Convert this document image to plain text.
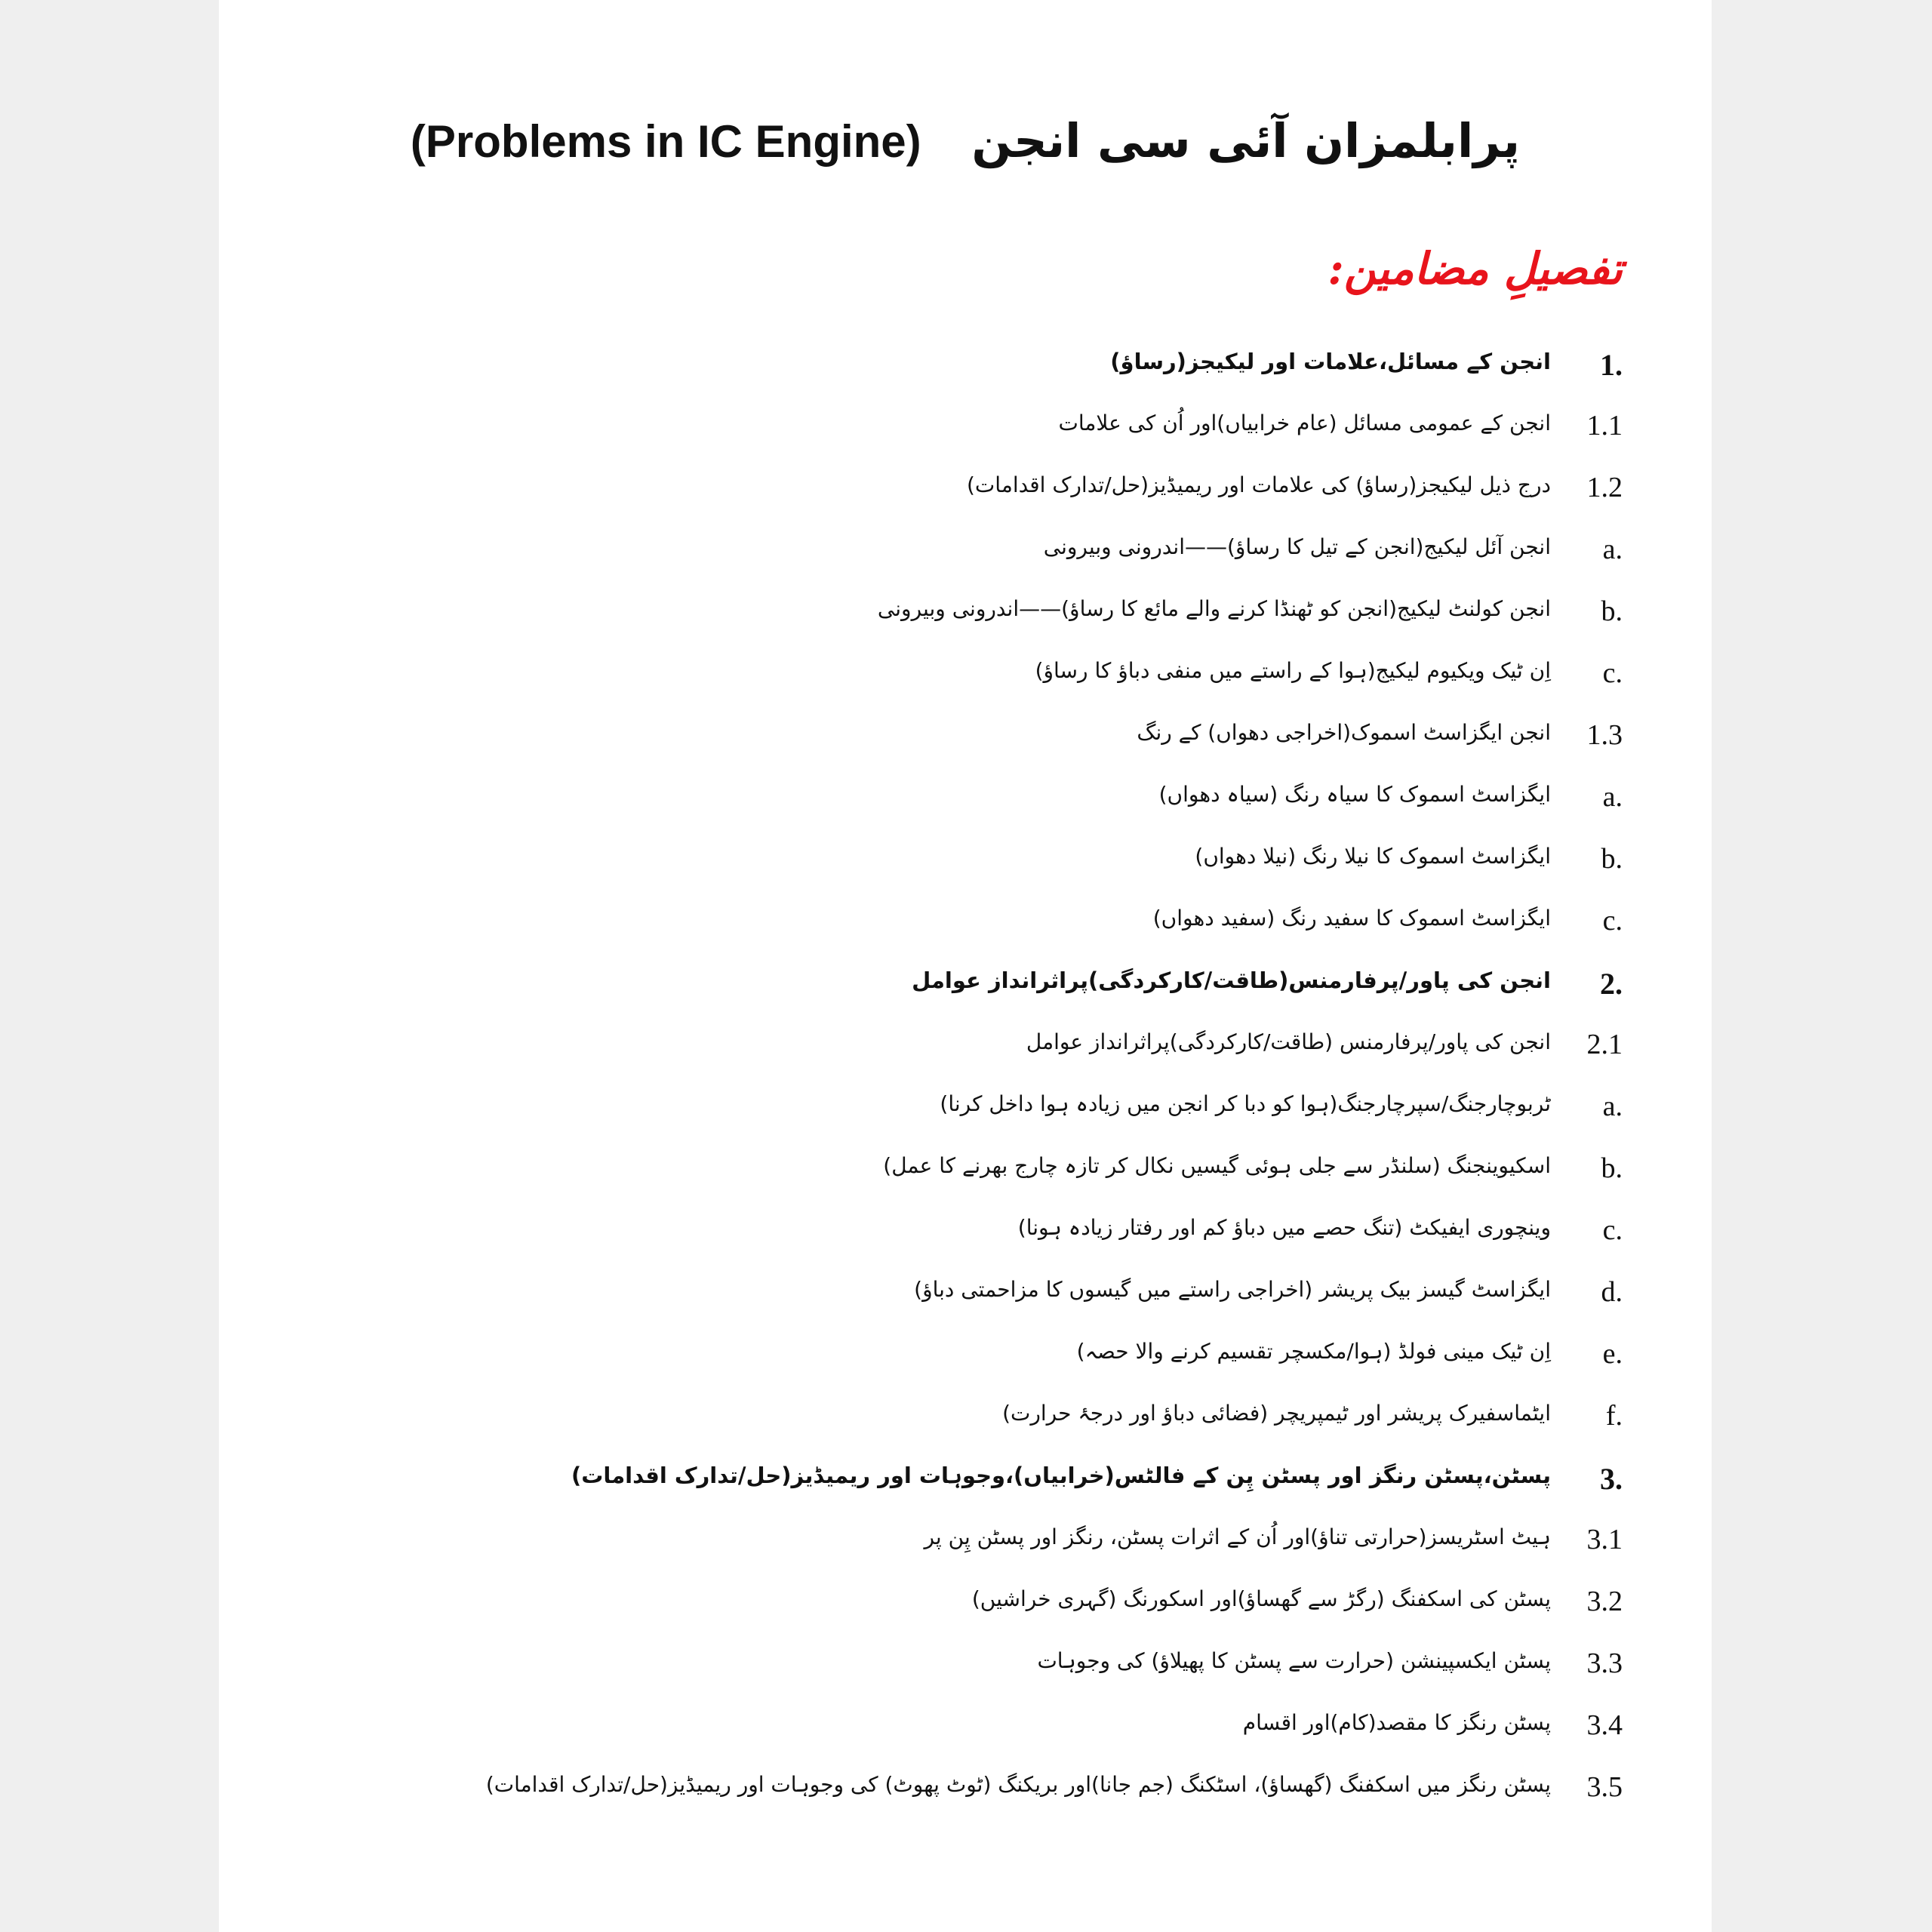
(Problems in IC Engine) پرابلمزان آئی سی انجن
تفصیلِ مضامین:
1.
انجن کے مسائل،علامات اور لیکیجز(رساؤ)
1.1
انجن کے عمومی مسائل (عام خرابیاں)اور اُن کی علامات
1.2
درج ذیل لیکیجز(رساؤ) کی علامات اور ریمیڈیز(حل/تدارک اقدامات)
a.
انجن آئل لیکیج(انجن کے تیل کا رساؤ)——اندرونی وبیرونی
b.
انجن کولنٹ لیکیج(انجن کو ٹھنڈا کرنے والے مائع کا رساؤ)——اندرونی وبیرونی
c.
اِن ٹیک ویکیوم لیکیج(ہوا کے راستے میں منفی دباؤ کا رساؤ)
1.3
انجن ایگزاسٹ اسموک(اخراجی دھواں) کے رنگ
a.
ایگزاسٹ اسموک کا سیاہ رنگ (سیاہ دھواں)
b.
ایگزاسٹ اسموک کا نیلا رنگ (نیلا دھواں)
c.
ایگزاسٹ اسموک کا سفید رنگ (سفید دھواں)
2.
انجن کی پاور/پرفارمنس(طاقت/کارکردگی)پراثرانداز عوامل
2.1
انجن کی پاور/پرفارمنس (طاقت/کارکردگی)پراثرانداز عوامل
a.
ٹربوچارجنگ/سپرچارجنگ(ہوا کو دبا کر انجن میں زیادہ ہوا داخل کرنا)
b.
اسکیوینجنگ (سلنڈر سے جلی ہوئی گیسیں نکال کر تازہ چارج بھرنے کا عمل)
c.
وینچوری ایفیکٹ (تنگ حصے میں دباؤ کم اور رفتار زیادہ ہونا)
d.
ایگزاسٹ گیسز بیک پریشر (اخراجی راستے میں گیسوں کا مزاحمتی دباؤ)
e.
اِن ٹیک مینی فولڈ (ہوا/مکسچر تقسیم کرنے والا حصہ)
f.
ایٹماسفیرک پریشر اور ٹیمپریچر (فضائی دباؤ اور درجۂ حرارت)
3.
پسٹن،پسٹن رنگز اور پسٹن پِن کے فالٹس(خرابیاں)،وجوہات اور ریمیڈیز(حل/تدارک اقدامات)
3.1
ہیٹ اسٹریسز(حرارتی تناؤ)اور اُن کے اثرات پسٹن، رنگز اور پسٹن پِن پر
3.2
پسٹن کی اسکفنگ (رگڑ سے گھساؤ)اور اسکورنگ (گہری خراشیں)
3.3
پسٹن ایکسپینشن (حرارت سے پسٹن کا پھیلاؤ) کی وجوہات
3.4
پسٹن رنگز کا مقصد(کام)اور اقسام
3.5
پسٹن رنگز میں اسکفنگ (گھساؤ)، اسٹکنگ (جم جانا)اور بریکنگ (ٹوٹ پھوٹ) کی وجوہات اور ریمیڈیز(حل/تدارک اقدامات)
